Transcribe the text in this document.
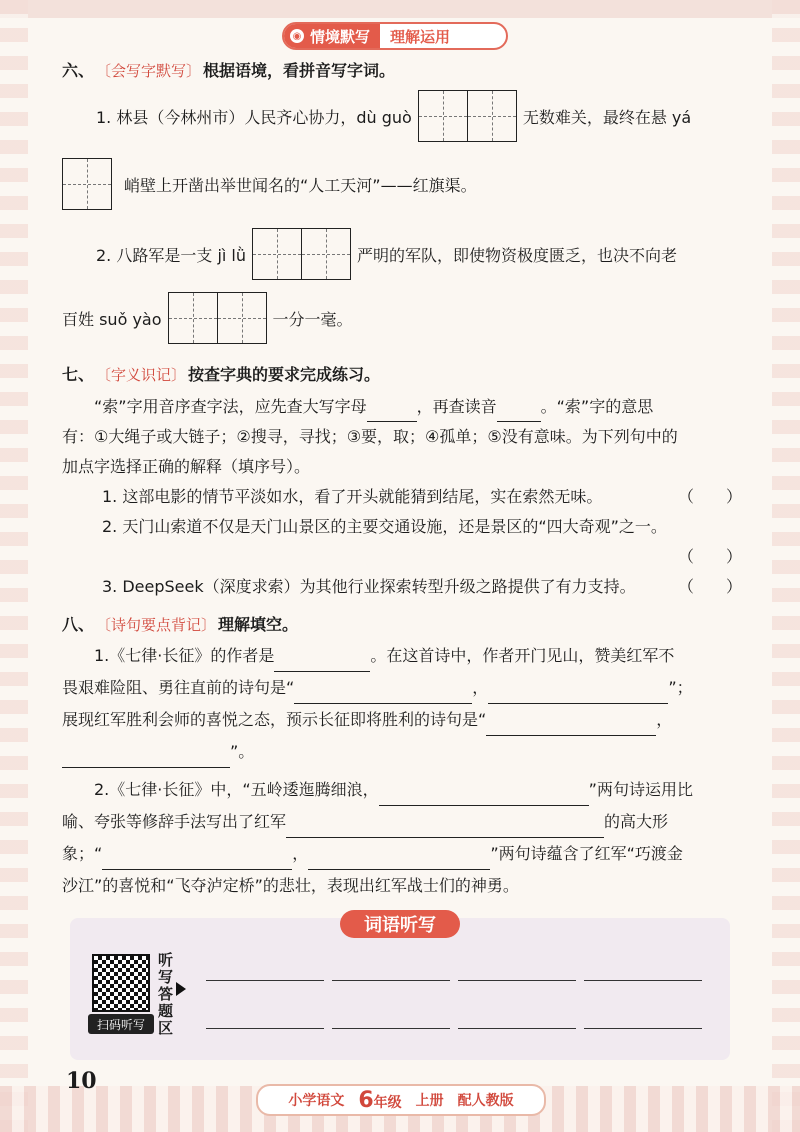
◉ 情境默写	理解运用
六、 〔会写字默写〕 根据语境，看拼音写字词。
1. 林县（今林州市）人民齐心协力，dù guò	无数难关，最终在悬 yá
峭壁上开凿出举世闻名的“人工天河”——红旗渠。
2. 八路军是一支 jì lǜ	严明的军队，即使物资极度匮乏，也决不向老
百姓 suǒ yào	一分一毫。
七、 〔字义识记〕 按查字典的要求完成练习。
“索”字用音序查字法，应先查大写字母	，再查读音	。“索”字的意思
有：①大绳子或大链子；②搜寻，寻找；③要，取；④孤单；⑤没有意味。为下列句中的
加点字选择正确的解释（填序号）。
1. 这部电影的情节平淡如水，看了开头就能猜到结尾，实在索然无味。	（　　）
2. 天门山索道不仅是天门山景区的主要交通设施，还是景区的“四大奇观”之一。
（　　）
3. DeepSeek（深度求索）为其他行业探索转型升级之路提供了有力支持。	（　　）
八、 〔诗句要点背记〕 理解填空。
1.《七律·长征》的作者是	。在这首诗中，作者开门见山，赞美红军不
畏艰难险阻、勇往直前的诗句是“	，	”；
展现红军胜利会师的喜悦之态，预示长征即将胜利的诗句是“	，
”。
2.《七律·长征》中，“五岭逶迤腾细浪，	”两句诗运用比
喻、夸张等修辞手法写出了红军	的高大形
象；“	，	”两句诗蕴含了红军“巧渡金
沙江”的喜悦和“飞夺泸定桥”的悲壮，表现出红军战士们的神勇。
词语听写
扫码听写
听写答题区
10
小学语文 6年级 上册 配人教版
